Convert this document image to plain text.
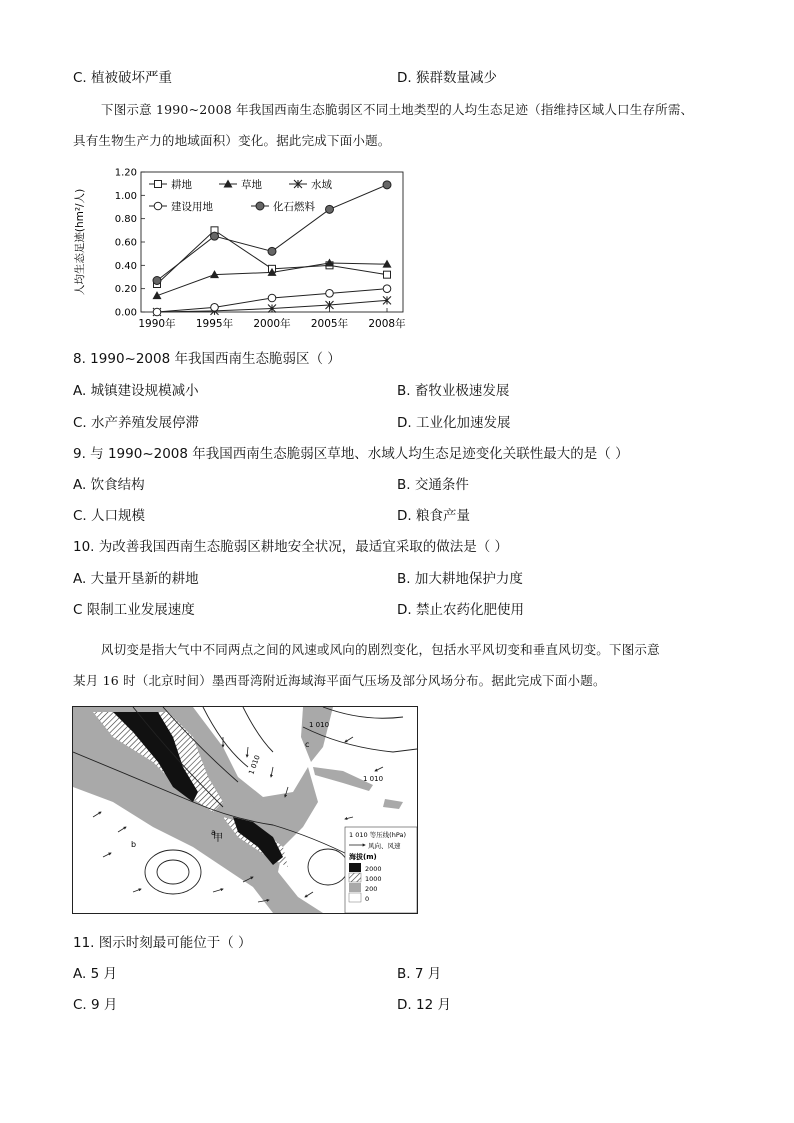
C. 植被破坏严重	D. 猴群数量减少
下图示意 1990~2008 年我国西南生态脆弱区不同土地类型的人均生态足迹（指维持区域人口生存所需、
具有生物生产力的地域面积）变化。据此完成下面小题。
0.00
0.20
0.40
0.60
0.80
1.00
1.20
1990年 1995年 2000年 2005年 2008年
人均生态足迹(hm²/人)
耕地	草地	水域
建设用地	化石燃料
8. 1990~2008 年我国西南生态脆弱区（ ）
A. 城镇建设规模减小	B. 畜牧业极速发展
C. 水产养殖发展停滞	D. 工业化加速发展
9. 与 1990~2008 年我国西南生态脆弱区草地、水域人均生态足迹变化关联性最大的是（ ）
A. 饮食结构	B. 交通条件
C. 人口规模	D. 粮食产量
10. 为改善我国西南生态脆弱区耕地安全状况，最适宜采取的做法是（ ）
A. 大量开垦新的耕地	B. 加大耕地保护力度
C 限制工业发展速度	D. 禁止农药化肥使用
风切变是指大气中不同两点之间的风速或风向的剧烈变化，包括水平风切变和垂直风切变。下图示意
某月 16 时（北京时间）墨西哥湾附近海域海平面气压场及部分风场分布。据此完成下面小题。
c
b
a
甲
1 010
1 010
1 010
1 010 等压线(hPa)
风向、风速
海拔(m)
2000
1000
200
0
11. 图示时刻最可能位于（ ）
A. 5 月	B. 7 月
C. 9 月	D. 12 月
